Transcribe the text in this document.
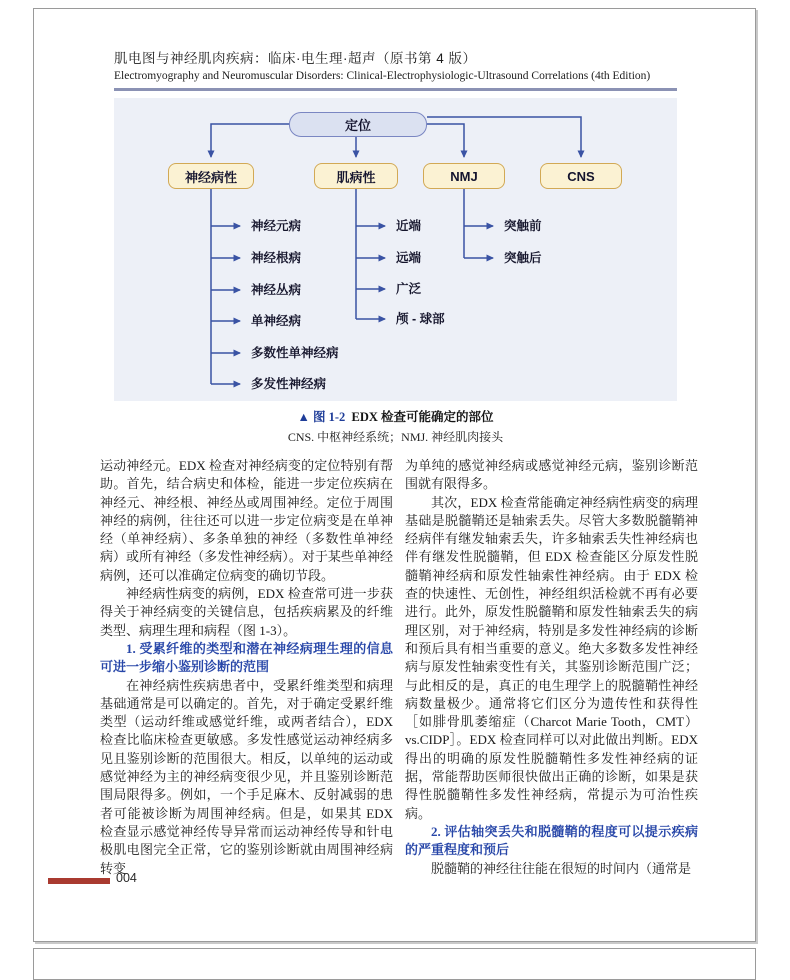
肌电图与神经肌肉疾病：临床·电生理·超声（原书第 4 版）
Electromyography and Neuromuscular Disorders: Clinical-Electrophysiologic-Ultrasound Correlations (4th Edition)
定位
神经病性	肌病性	NMJ	CNS
神经元病
神经根病
神经丛病
单神经病
多数性单神经病
多发性神经病
近端
远端
广泛
颅 - 球部
突触前
突触后
▲ 图 1-2 EDX 检查可能确定的部位
CNS. 中枢神经系统；NMJ. 神经肌肉接头

运动神经元。EDX 检查对神经病变的定位特别有帮助。首先，结合病史和体检，能进一步定位疾病在神经元、神经根、神经丛或周围神经。定位于周围神经的病例，往往还可以进一步定位病变是在单神经（单神经病）、多条单独的神经（多数性单神经病）或所有神经（多发性神经病）。对于某些单神经病例，还可以准确定位病变的确切节段。

神经病性病变的病例，EDX 检查常可进一步获得关于神经病变的关键信息，包括疾病累及的纤维类型、病理生理和病程（图 1-3）。

1. 受累纤维的类型和潜在神经病理生理的信息可进一步缩小鉴别诊断的范围

在神经病性疾病患者中，受累纤维类型和病理基础通常是可以确定的。首先，对于确定受累纤维类型（运动纤维或感觉纤维，或两者结合），EDX 检查比临床检查更敏感。多发性感觉运动神经病多见且鉴别诊断的范围很大。相反，以单纯的运动或感觉神经为主的神经病变很少见，并且鉴别诊断范围局限得多。例如，一个手足麻木、反射减弱的患者可能被诊断为周围神经病。但是，如果其 EDX 检查显示感觉神经传导异常而运动神经传导和针电极肌电图完全正常，它的鉴别诊断就由周围神经病转变

为单纯的感觉神经病或感觉神经元病，鉴别诊断范围就有限得多。

其次，EDX 检查常能确定神经病性病变的病理基础是脱髓鞘还是轴索丢失。尽管大多数脱髓鞘神经病伴有继发轴索丢失，许多轴索丢失性神经病也伴有继发性脱髓鞘，但 EDX 检查能区分原发性脱髓鞘神经病和原发性轴索性神经病。由于 EDX 检查的快速性、无创性，神经组织活检就不再有必要进行。此外，原发性脱髓鞘和原发性轴索丢失的病理区别，对于神经病，特别是多发性神经病的诊断和预后具有相当重要的意义。绝大多数多发性神经病与原发性轴索变性有关，其鉴别诊断范围广泛；与此相反的是，真正的电生理学上的脱髓鞘性神经病数量极少。通常将它们区分为遗传性和获得性［如腓骨肌萎缩症（Charcot Marie Tooth，CMT）vs.CIDP］。EDX 检查同样可以对此做出判断。EDX 得出的明确的原发性脱髓鞘性多发性神经病的证据，常能帮助医师很快做出正确的诊断，如果是获得性脱髓鞘性多发性神经病，常提示为可治性疾病。

2. 评估轴突丢失和脱髓鞘的程度可以提示疾病的严重程度和预后

脱髓鞘的神经往往能在很短的时间内（通常是

004
